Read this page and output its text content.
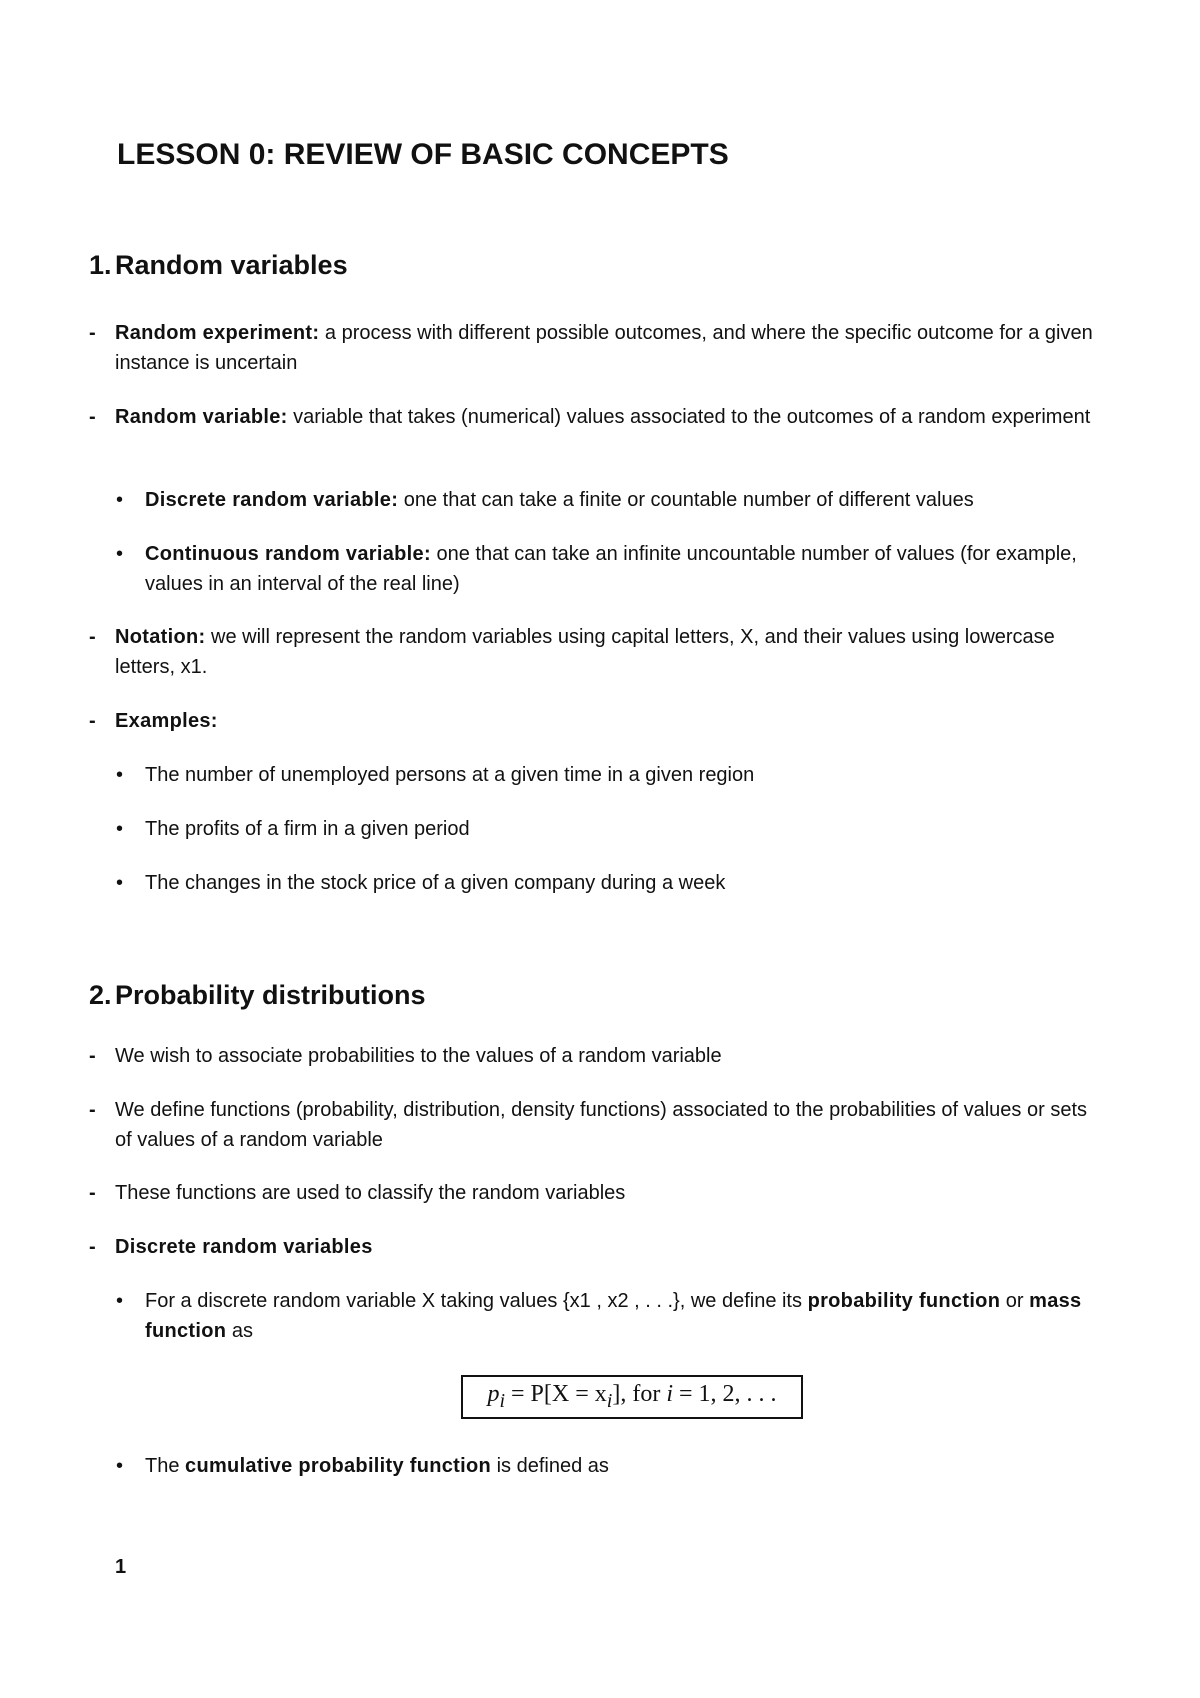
LESSON 0: REVIEW OF BASIC CONCEPTS
1. Random variables
- Random experiment: a process with different possible outcomes, and where the specific outcome for a given instance is uncertain

- Random variable: variable that takes (numerical) values associated to the outcomes of a random experiment

• Discrete random variable: one that can take a finite or countable number of different values

• Continuous random variable: one that can take an infinite uncountable number of values (for example, values in an interval of the real line)

- Notation: we will represent the random variables using capital letters, X, and their values using lowercase letters, x1.

- Examples:

• The number of unemployed persons at a given time in a given region

• The profits of a firm in a given period

• The changes in the stock price of a given company during a week

2. Probability distributions
- We wish to associate probabilities to the values of a random variable

- We define functions (probability, distribution, density functions) associated to the probabilities of values or sets of values of a random variable

- These functions are used to classify the random variables

- Discrete random variables

• For a discrete random variable X taking values {x1 , x2 , . . .}, we define its probability function or mass function as

$p_i = P[X = x_i]$, for i = 1, 2, . . .
• The cumulative probability function is defined as

1
